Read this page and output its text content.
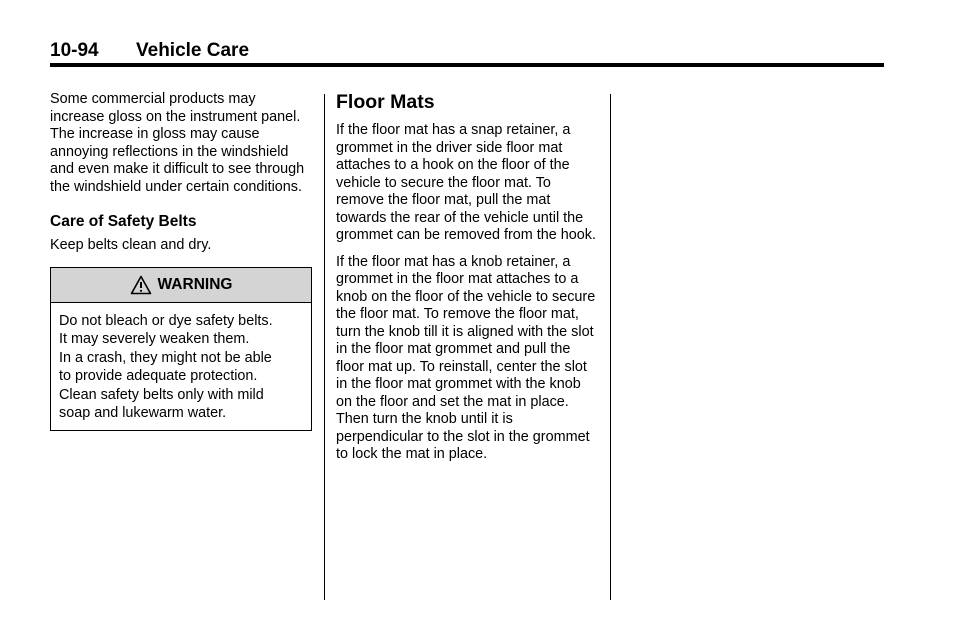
10-94 Vehicle Care

Some commercial products may increase gloss on the instrument panel. The increase in gloss may cause annoying reflections in the windshield and even make it difficult to see through the windshield under certain conditions.

Care of Safety Belts

Keep belts clean and dry.

WARNING

Do not bleach or dye safety belts.

It may severely weaken them.

In a crash, they might not be able

to provide adequate protection.

Clean safety belts only with mild

soap and lukewarm water.

Floor Mats

If the floor mat has a snap retainer, a grommet in the driver side floor mat attaches to a hook on the floor of the vehicle to secure the floor mat. To remove the floor mat, pull the mat towards the rear of the vehicle until the grommet can be removed from the hook.

If the floor mat has a knob retainer, a grommet in the floor mat attaches to a knob on the floor of the vehicle to secure the floor mat. To remove the floor mat, turn the knob till it is aligned with the slot in the floor mat grommet and pull the floor mat up. To reinstall, center the slot in the floor mat grommet with the knob on the floor and set the mat in place. Then turn the knob until it is perpendicular to the slot in the grommet to lock the mat in place.
